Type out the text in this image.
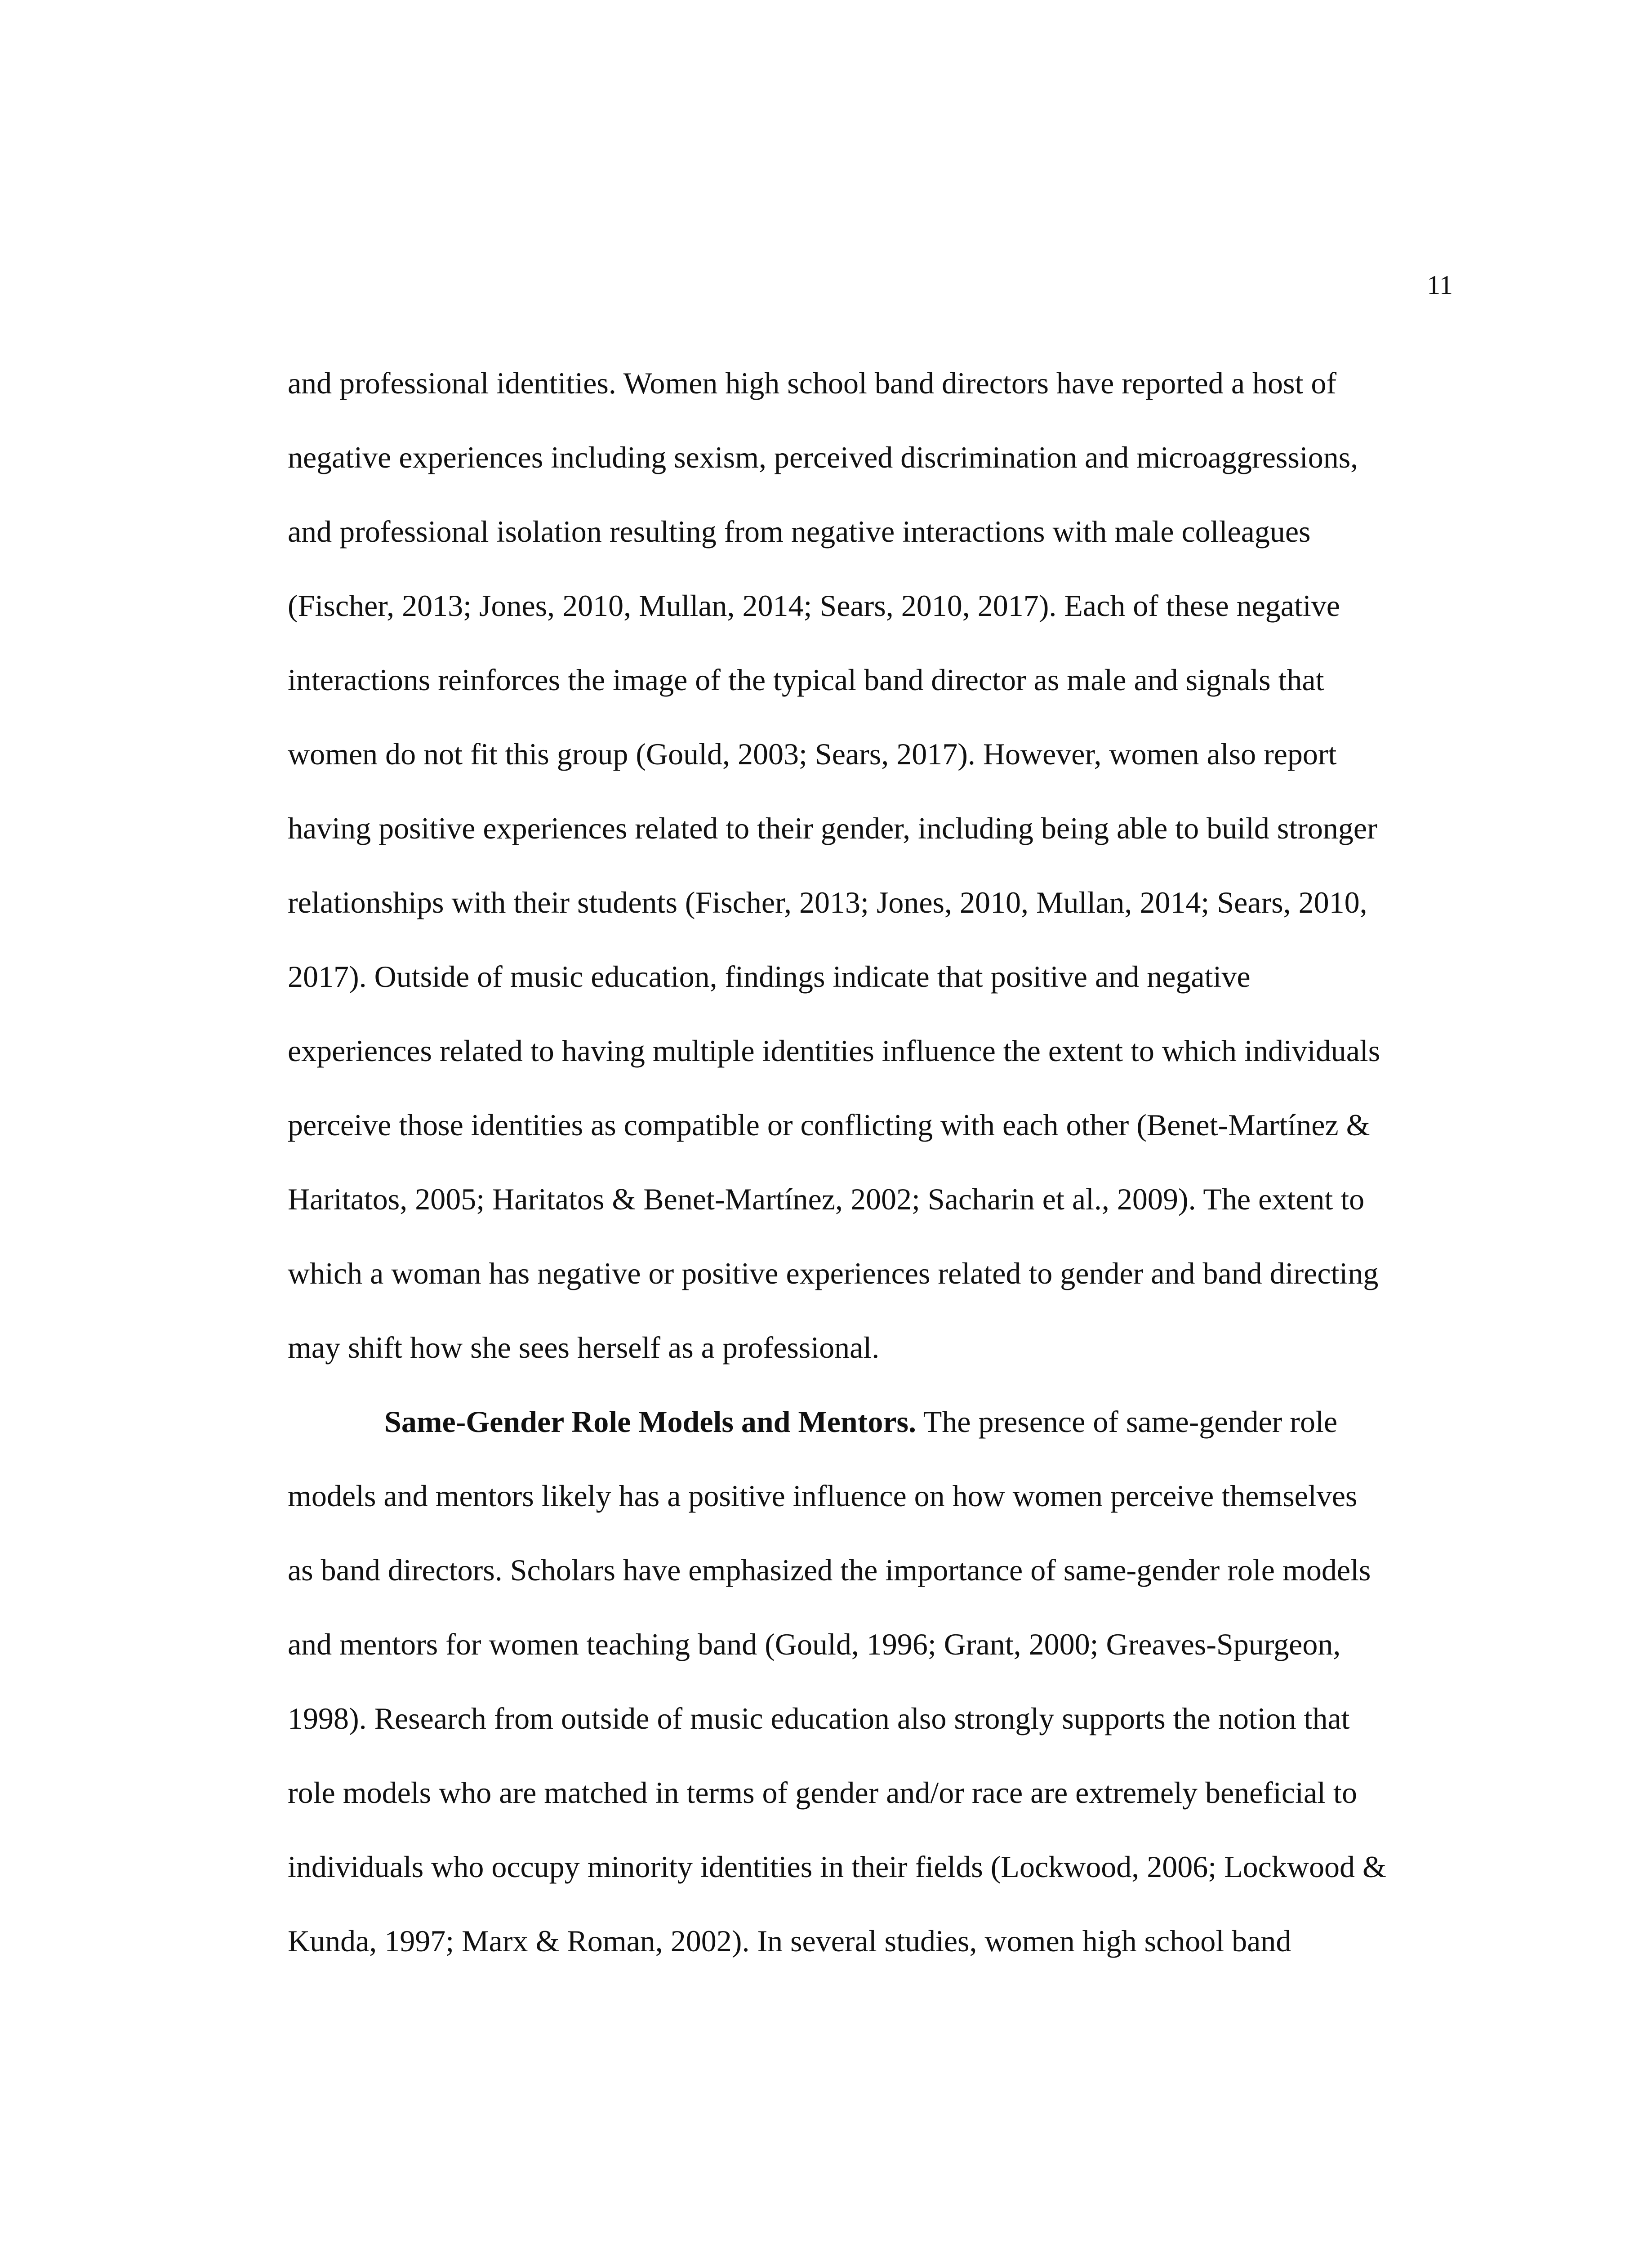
11
and professional identities. Women high school band directors have reported a host of
negative experiences including sexism, perceived discrimination and microaggressions,
and professional isolation resulting from negative interactions with male colleagues
(Fischer, 2013; Jones, 2010, Mullan, 2014; Sears, 2010, 2017). Each of these negative
interactions reinforces the image of the typical band director as male and signals that
women do not fit this group (Gould, 2003; Sears, 2017). However, women also report
having positive experiences related to their gender, including being able to build stronger
relationships with their students (Fischer, 2013; Jones, 2010, Mullan, 2014; Sears, 2010,
2017). Outside of music education, findings indicate that positive and negative
experiences related to having multiple identities influence the extent to which individuals
perceive those identities as compatible or conflicting with each other (Benet-Martínez &
Haritatos, 2005; Haritatos & Benet-Martínez, 2002; Sacharin et al., 2009). The extent to
which a woman has negative or positive experiences related to gender and band directing
may shift how she sees herself as a professional.
Same-Gender Role Models and Mentors. The presence of same-gender role
models and mentors likely has a positive influence on how women perceive themselves
as band directors. Scholars have emphasized the importance of same-gender role models
and mentors for women teaching band (Gould, 1996; Grant, 2000; Greaves-Spurgeon,
1998). Research from outside of music education also strongly supports the notion that
role models who are matched in terms of gender and/or race are extremely beneficial to
individuals who occupy minority identities in their fields (Lockwood, 2006; Lockwood &
Kunda, 1997; Marx & Roman, 2002). In several studies, women high school band
